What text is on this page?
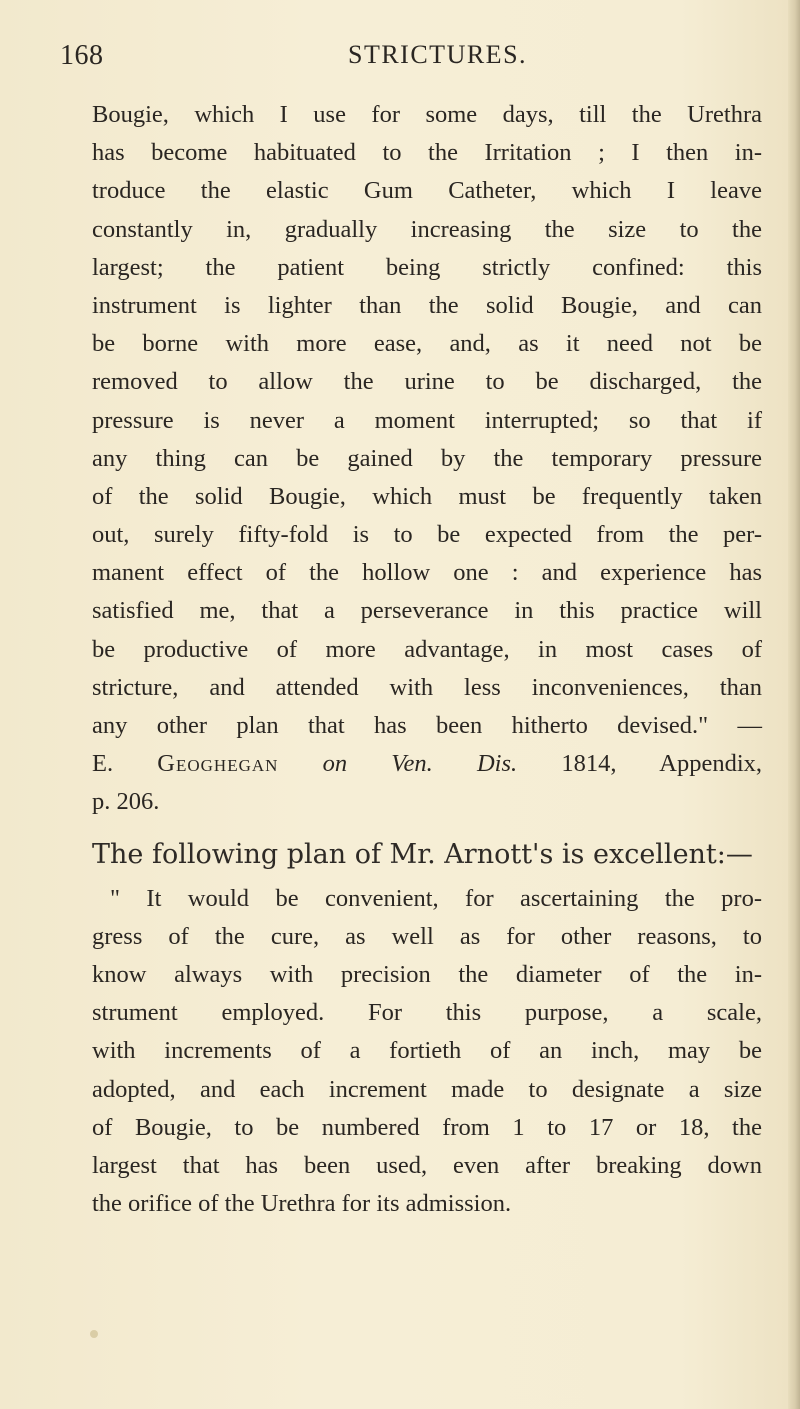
168	STRICTURES.
Bougie, which I use for some days, till the Urethra
has become habituated to the Irritation ; I then in-
troduce the elastic Gum Catheter, which I leave
constantly in, gradually increasing the size to the
largest; the patient being strictly confined: this
instrument is lighter than the solid Bougie, and can
be borne with more ease, and, as it need not be
removed to allow the urine to be discharged, the
pressure is never a moment interrupted; so that if
any thing can be gained by the temporary pressure
of the solid Bougie, which must be frequently taken
out, surely fifty-fold is to be expected from the per-
manent effect of the hollow one : and experience has
satisfied me, that a perseverance in this practice will
be productive of more advantage, in most cases of
stricture, and attended with less inconveniences, than
any other plan that has been hitherto devised." —
E. Geoghegan on Ven. Dis. 1814, Appendix,
p. 206.
The following plan of Mr. Arnott's is excellent:—
" It would be convenient, for ascertaining the pro-
gress of the cure, as well as for other reasons, to
know always with precision the diameter of the in-
strument employed. For this purpose, a scale,
with increments of a fortieth of an inch, may be
adopted, and each increment made to designate a size
of Bougie, to be numbered from 1 to 17 or 18, the
largest that has been used, even after breaking down
the orifice of the Urethra for its admission.
